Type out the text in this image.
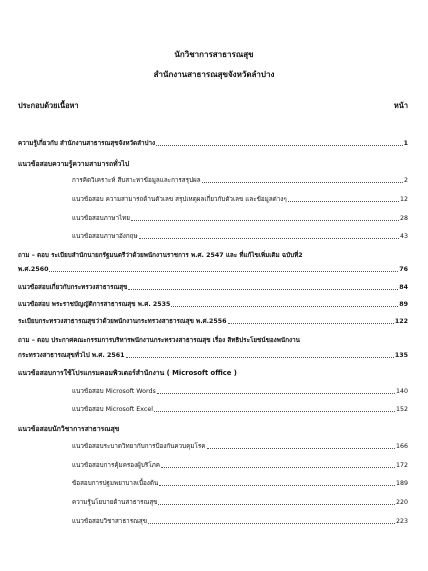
นักวิชาการสาธารณสุข
สำนักงานสาธารณสุขจังหวัดลำปาง
ประกอบด้วยเนื้อหา	หน้า
ความรู้เกี่ยวกับ สำนักงานสาธารณสุขจังหวัดลำปาง	1
แนวข้อสอบความรู้ความสามารถทั่วไป
การคิดวิเคราะห์ สืบสาะหาข้อมูลและการสรุปผล	2
แนวข้อสอบ ความสามารถด้านตัวเลข สรุปเหตุผลเกี่ยวกับตัวเลข และข้อมูลต่างๆ	12
แนวข้อสอบภาษาไทย	28
แนวข้อสอบภาษาอังกฤษ	43
ถาม – ตอบ ระเบียบสำนักนายกรัฐมนตรีว่าด้วยพนักงานราชการ พ.ศ. 2547 และ ที่แก้ไขเพิ่มเติม ฉบับที่2
พ.ศ.2560	76
แนวข้อสอบเกี่ยวกับกระทรวงสาธารณสุข	84
แนวข้อสอบ พระราชบัญญัติการสาธารณสุข พ.ศ. 2535	89
ระเบียบกระทรวงสาธารณสุขว่าด้วยพนักงานกระทรวงสาธารณสุข พ.ศ.2556	122
ถาม – ตอบ ประกาศคณะกรรมการบริหารพนักงานกระทรวงสาธารณสุข เรื่อง สิทธิประโยชน์ของพนักงาน
กระทรวงสาธารณสุขทั่วไป พ.ศ. 2561	135
แนวข้อสอบการใช้โปรแกรมคอมพิวเตอร์สำนักงาน ( Microsoft office )
แนวข้อสอบ Microsoft Words	140
แนวข้อสอบ Microsoft Excel	152
แนวข้อสอบนักวิชาการสาธารณสุข
แนวข้อสอบระบาดวิทยากับการป้องกันควบคุมโรค	166
แนวข้อสอบการคุ้มครองผู้บริโภค	172
ข้อสอบการปฐมพยาบาลเบื้องต้น	189
ความรู้นโยบายด้านสาธารณสุข	220
แนวข้อสอบวิชาสาธารณสุข	223
